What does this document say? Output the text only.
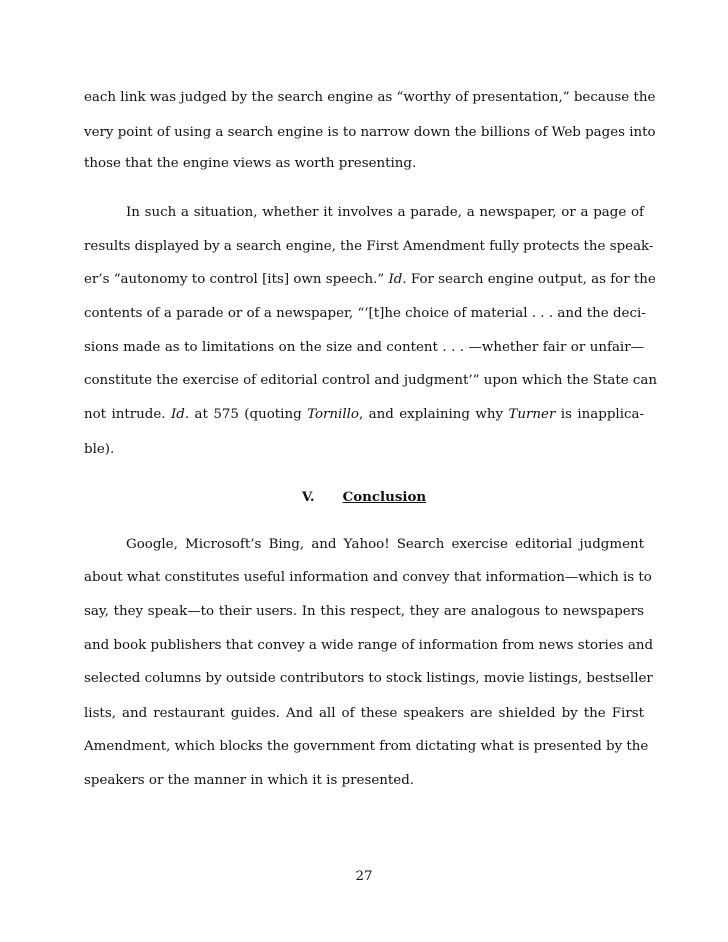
each link was judged by the search engine as “worthy of presentation,” because the
very point of using a search engine is to narrow down the billions of Web pages into
those that the engine views as worth presenting.
In such a situation, whether it involves a parade, a newspaper, or a page of
results displayed by a search engine, the First Amendment fully protects the speak-
er’s “autonomy to control [its] own speech.” Id. For search engine output, as for the
contents of a parade or of a newspaper, “‘[t]he choice of material . . . and the deci-
sions made as to limitations on the size and content . . . —whether fair or unfair—
constitute the exercise of editorial control and judgment’” upon which the State can
not intrude. Id. at 575 (quoting Tornillo, and explaining why Turner is inapplica-
ble).
V. Conclusion
Google, Microsoft’s Bing, and Yahoo! Search exercise editorial judgment
about what constitutes useful information and convey that information—which is to
say, they speak—to their users. In this respect, they are analogous to newspapers
and book publishers that convey a wide range of information from news stories and
selected columns by outside contributors to stock listings, movie listings, bestseller
lists, and restaurant guides. And all of these speakers are shielded by the First
Amendment, which blocks the government from dictating what is presented by the
speakers or the manner in which it is presented.
27
